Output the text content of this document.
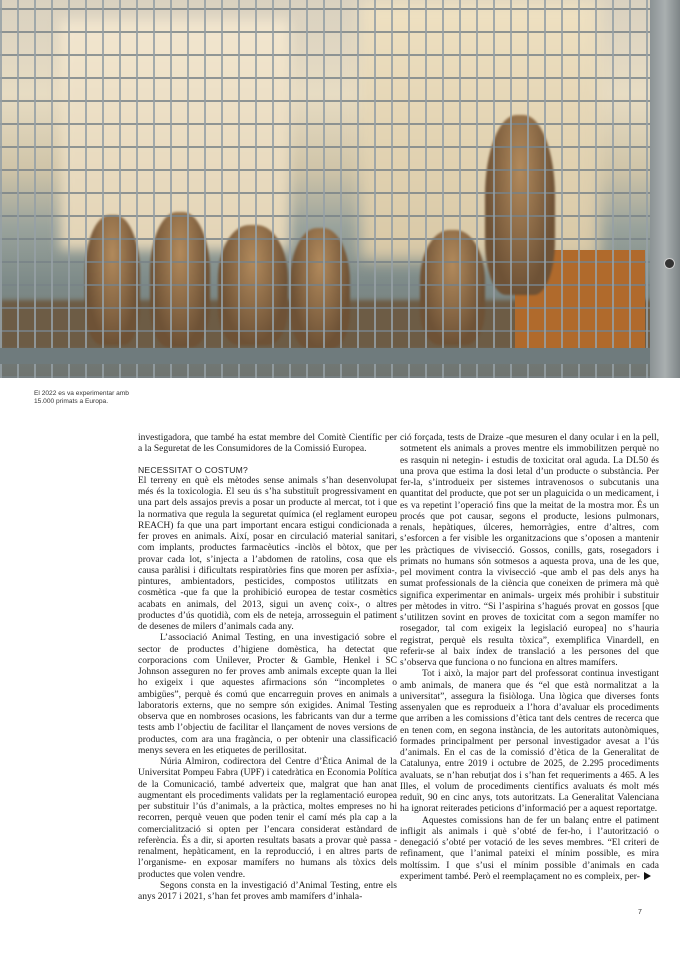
El 2022 es va experimentar amb 15.000 primats a Europa.

investigadora, que també ha estat membre del Comitè Científic per a la Seguretat de les Consumidores de la Comissió Europea.

NECESSITAT O COSTUM?

El terreny en què els mètodes sense animals s’han desenvolupat més és la toxicologia. El seu ús s’ha substituït progressivament en una part dels assajos previs a posar un producte al mercat, tot i que la normativa que regula la seguretat química (el reglament europeu REACH) fa que una part important encara estigui condicionada a fer proves en animals. Així, posar en circulació material sanitari, com implants, productes farmacèutics -inclòs el bòtox, que per provar cada lot, s’injecta a l’abdomen de ratolins, cosa que els causa paràlisi i dificultats respiratòries fins que moren per asfíxia-, pintures, ambientadors, pesticides, compostos utilitzats en cosmètica -que fa que la prohibició europea de testar cosmètics acabats en animals, del 2013, sigui un avenç coix-, o altres productes d’ús quotidià, com els de neteja, arrosseguin el patiment de desenes de milers d’animals cada any.

L’associació Animal Testing, en una investigació sobre el sector de productes d’higiene domèstica, ha detectat que corporacions com Unilever, Procter & Gamble, Henkel i SC Johnson asseguren no fer proves amb animals excepte quan la llei ho exigeix i que aquestes afirmacions són “incompletes o ambigües”, perquè és comú que encarreguin proves en animals a laboratoris externs, que no sempre són exigides. Animal Testing observa que en nombroses ocasions, les fabricants van dur a terme tests amb l’objectiu de facilitar el llançament de noves versions de productes, com ara una fragància, o per obtenir una classificació menys severa en les etiquetes de perillositat.

Núria Almiron, codirectora del Centre d’Ètica Animal de la Universitat Pompeu Fabra (UPF) i catedràtica en Economia Política de la Comunicació, també adverteix que, malgrat que han anat augmentant els procediments validats per la reglamentació europea per substituir l’ús d’animals, a la pràctica, moltes empreses no hi recorren, perquè veuen que poden tenir el camí més pla cap a la comercialització si opten per l’encara considerat estàndard de referència. És a dir, si aporten resultats basats a provar què passa -renalment, hepàticament, en la reproducció, i en altres parts de l’organisme- en exposar mamífers no humans als tòxics dels productes que volen vendre.

Segons consta en la investigació d’Animal Testing, entre els anys 2017 i 2021, s’han fet proves amb mamífers d’inhala-

ció forçada, tests de Draize -que mesuren el dany ocular i en la pell, sotmetent els animals a proves mentre els immobilitzen perquè no es rasquin ni netegin- i estudis de toxicitat oral aguda. La DL50 és una prova que estima la dosi letal d’un producte o substància. Per fer-la, s’introdueix per sistemes intravenosos o subcutanis una quantitat del producte, que pot ser un plaguicida o un medicament, i es va repetint l’operació fins que la meitat de la mostra mor. És un procés que pot causar, segons el producte, lesions pulmonars, renals, hepàtiques, úlceres, hemorràgies, entre d’altres, com s’esforcen a fer visible les organitzacions que s’oposen a mantenir les pràctiques de vivisecció. Gossos, conills, gats, rosegadors i primats no humans són sotmesos a aquesta prova, una de les que, pel moviment contra la vivisecció -que amb el pas dels anys ha sumat professionals de la ciència que coneixen de primera mà què significa experimentar en animals- urgeix més prohibir i substituir per mètodes in vitro. “Si l’aspirina s’hagués provat en gossos [que s’utilitzen sovint en proves de toxicitat com a segon mamífer no rosegador, tal com exigeix la legislació europea] no s’hauria registrat, perquè els resulta tòxica”, exemplifica Vinardell, en referir-se al baix índex de translació a les persones del que s’observa que funciona o no funciona en altres mamífers.

Tot i això, la major part del professorat continua investigant amb animals, de manera que és “el que està normalitzat a la universitat”, assegura la fisiòloga. Una lògica que diverses fonts assenyalen que es reprodueix a l’hora d’avaluar els procediments que arriben a les comissions d’ètica tant dels centres de recerca que en tenen com, en segona instància, de les autoritats autonòmiques, formades principalment per personal investigador avesat a l’ús d’animals. En el cas de la comissió d’ètica de la Generalitat de Catalunya, entre 2019 i octubre de 2025, de 2.295 procediments avaluats, se n’han rebutjat dos i s’han fet requeriments a 465. A les Illes, el volum de procediments científics avaluats és molt més reduït, 90 en cinc anys, tots autoritzats. La Generalitat Valenciana ha ignorat reiterades peticions d’informació per a aquest reportatge.

Aquestes comissions han de fer un balanç entre el patiment infligit als animals i què s’obté de fer-ho, i l’autorització o denegació s’obté per votació de les seves membres. “El criteri de refinament, que l’animal pateixi el mínim possible, es mira moltíssim. I que s’usi el mínim possible d’animals en cada experiment també. Però el reemplaçament no es compleix, per-

7
